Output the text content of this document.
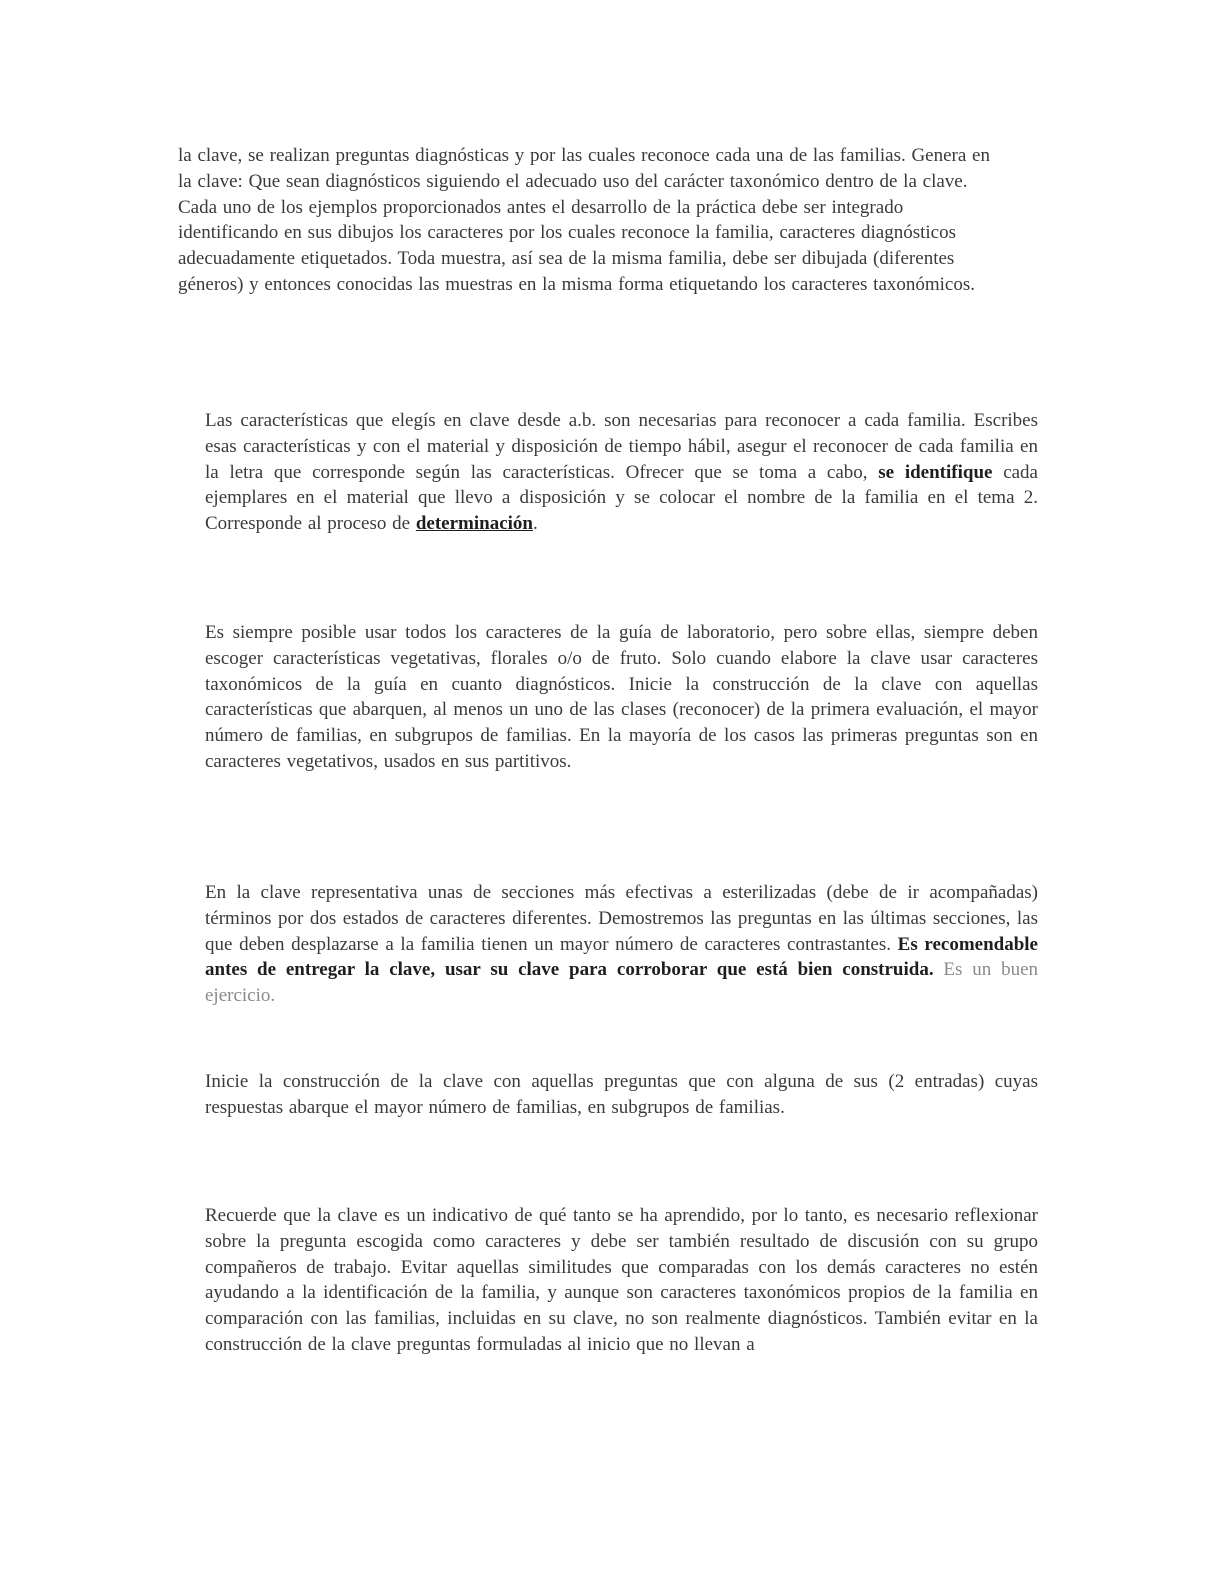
la clave, se realizan preguntas diagnósticas y por las cuales reconoce cada una de las familias. Genera en la clave: Que sean diagnósticos siguiendo el adecuado uso del carácter taxonómico dentro de la clave. Cada uno de los ejemplos proporcionados antes el desarrollo de la práctica debe ser integrado identificando en sus dibujos los caracteres por los cuales reconoce la familia, caracteres diagnósticos adecuadamente etiquetados. Toda muestra, así sea de la misma familia, debe ser dibujada (diferentes géneros) y entonces conocidas las muestras en la misma forma etiquetando los caracteres taxonómicos.

Las características que elegís en clave desde a.b. son necesarias para reconocer a cada familia. Escribes esas características y con el material y disposición de tiempo hábil, asegur el reconocer de cada familia en la letra que corresponde según las características. Ofrecer que se toma a cabo, se identifique cada ejemplares en el material que llevo a disposición y se colocar el nombre de la familia en el tema 2. Corresponde al proceso de determinación.

Es siempre posible usar todos los caracteres de la guía de laboratorio, pero sobre ellas, siempre deben escoger características vegetativas, florales o/o de fruto. Solo cuando elabore la clave usar caracteres taxonómicos de la guía en cuanto diagnósticos. Inicie la construcción de la clave con aquellas características que abarquen, al menos un uno de las clases (reconocer) de la primera evaluación, el mayor número de familias, en subgrupos de familias. En la mayoría de los casos las primeras preguntas son en caracteres vegetativos, usados en sus partitivos.

En la clave representativa unas de secciones más efectivas a esterilizadas (debe de ir acompañadas) términos por dos estados de caracteres diferentes. Demostremos las preguntas en las últimas secciones, las que deben desplazarse a la familia tienen un mayor número de caracteres contrastantes. Es recomendable antes de entregar la clave, usar su clave para corroborar que está bien construida. Es un buen ejercicio.

Inicie la construcción de la clave con aquellas preguntas que con alguna de sus (2 entradas) cuyas respuestas abarque el mayor número de familias, en subgrupos de familias.

Recuerde que la clave es un indicativo de qué tanto se ha aprendido, por lo tanto, es necesario reflexionar sobre la pregunta escogida como caracteres y debe ser también resultado de discusión con su grupo compañeros de trabajo. Evitar aquellas similitudes que comparadas con los demás caracteres no estén ayudando a la identificación de la familia, y aunque son caracteres taxonómicos propios de la familia en comparación con las familias, incluidas en su clave, no son realmente diagnósticos. También evitar en la construcción de la clave preguntas formuladas al inicio que no llevan a
